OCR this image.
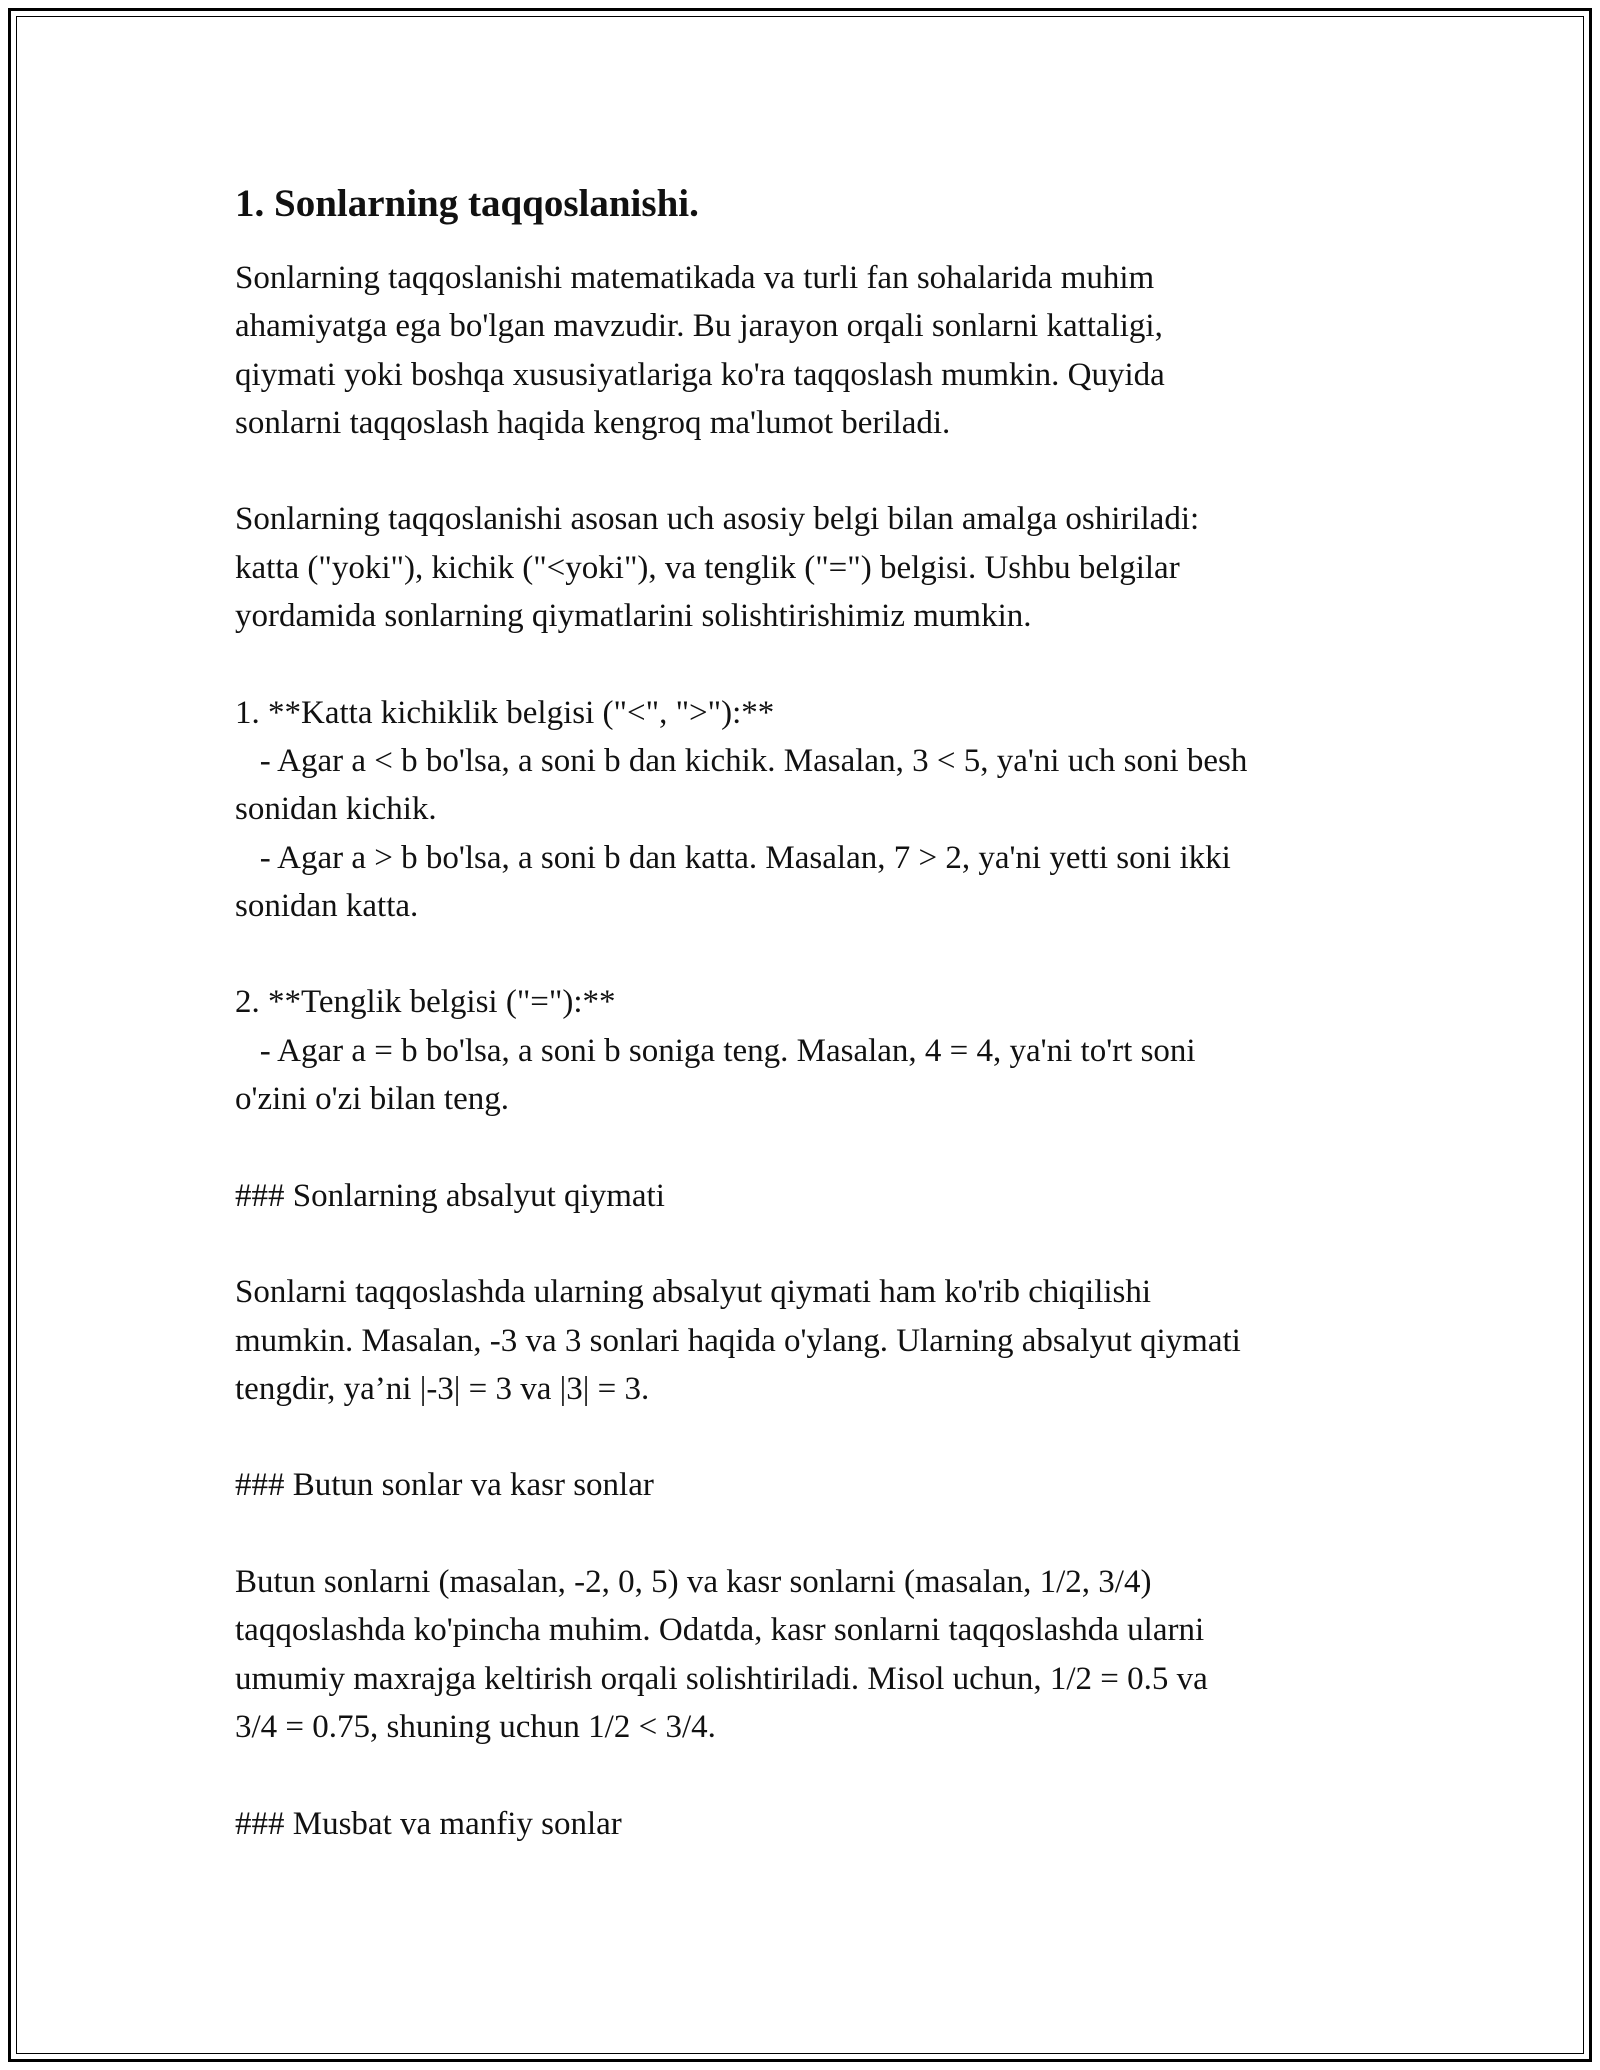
1. Sonlarning taqqoslanishi.
Sonlarning taqqoslanishi matematikada va turli fan sohalarida muhim
ahamiyatga ega bo'lgan mavzudir. Bu jarayon orqali sonlarni kattaligi,
qiymati yoki boshqa xususiyatlariga ko'ra taqqoslash mumkin. Quyida
sonlarni taqqoslash haqida kengroq ma'lumot beriladi.
Sonlarning taqqoslanishi asosan uch asosiy belgi bilan amalga oshiriladi:
katta ("yoki"), kichik ("<yoki"), va tenglik ("=") belgisi. Ushbu belgilar
yordamida sonlarning qiymatlarini solishtirishimiz mumkin.
1. **Katta kichiklik belgisi ("<", ">"):**
- Agar a < b bo'lsa, a soni b dan kichik. Masalan, 3 < 5, ya'ni uch soni besh
sonidan kichik.
- Agar a > b bo'lsa, a soni b dan katta. Masalan, 7 > 2, ya'ni yetti soni ikki
sonidan katta.
2. **Tenglik belgisi ("="):**
- Agar a = b bo'lsa, a soni b soniga teng. Masalan, 4 = 4, ya'ni to'rt soni
o'zini o'zi bilan teng.
### Sonlarning absalyut qiymati
Sonlarni taqqoslashda ularning absalyut qiymati ham ko'rib chiqilishi
mumkin. Masalan, -3 va 3 sonlari haqida o'ylang. Ularning absalyut qiymati
tengdir, ya’ni |-3| = 3 va |3| = 3.
### Butun sonlar va kasr sonlar
Butun sonlarni (masalan, -2, 0, 5) va kasr sonlarni (masalan, 1/2, 3/4)
taqqoslashda ko'pincha muhim. Odatda, kasr sonlarni taqqoslashda ularni
umumiy maxrajga keltirish orqali solishtiriladi. Misol uchun, 1/2 = 0.5 va
3/4 = 0.75, shuning uchun 1/2 < 3/4.
### Musbat va manfiy sonlar
